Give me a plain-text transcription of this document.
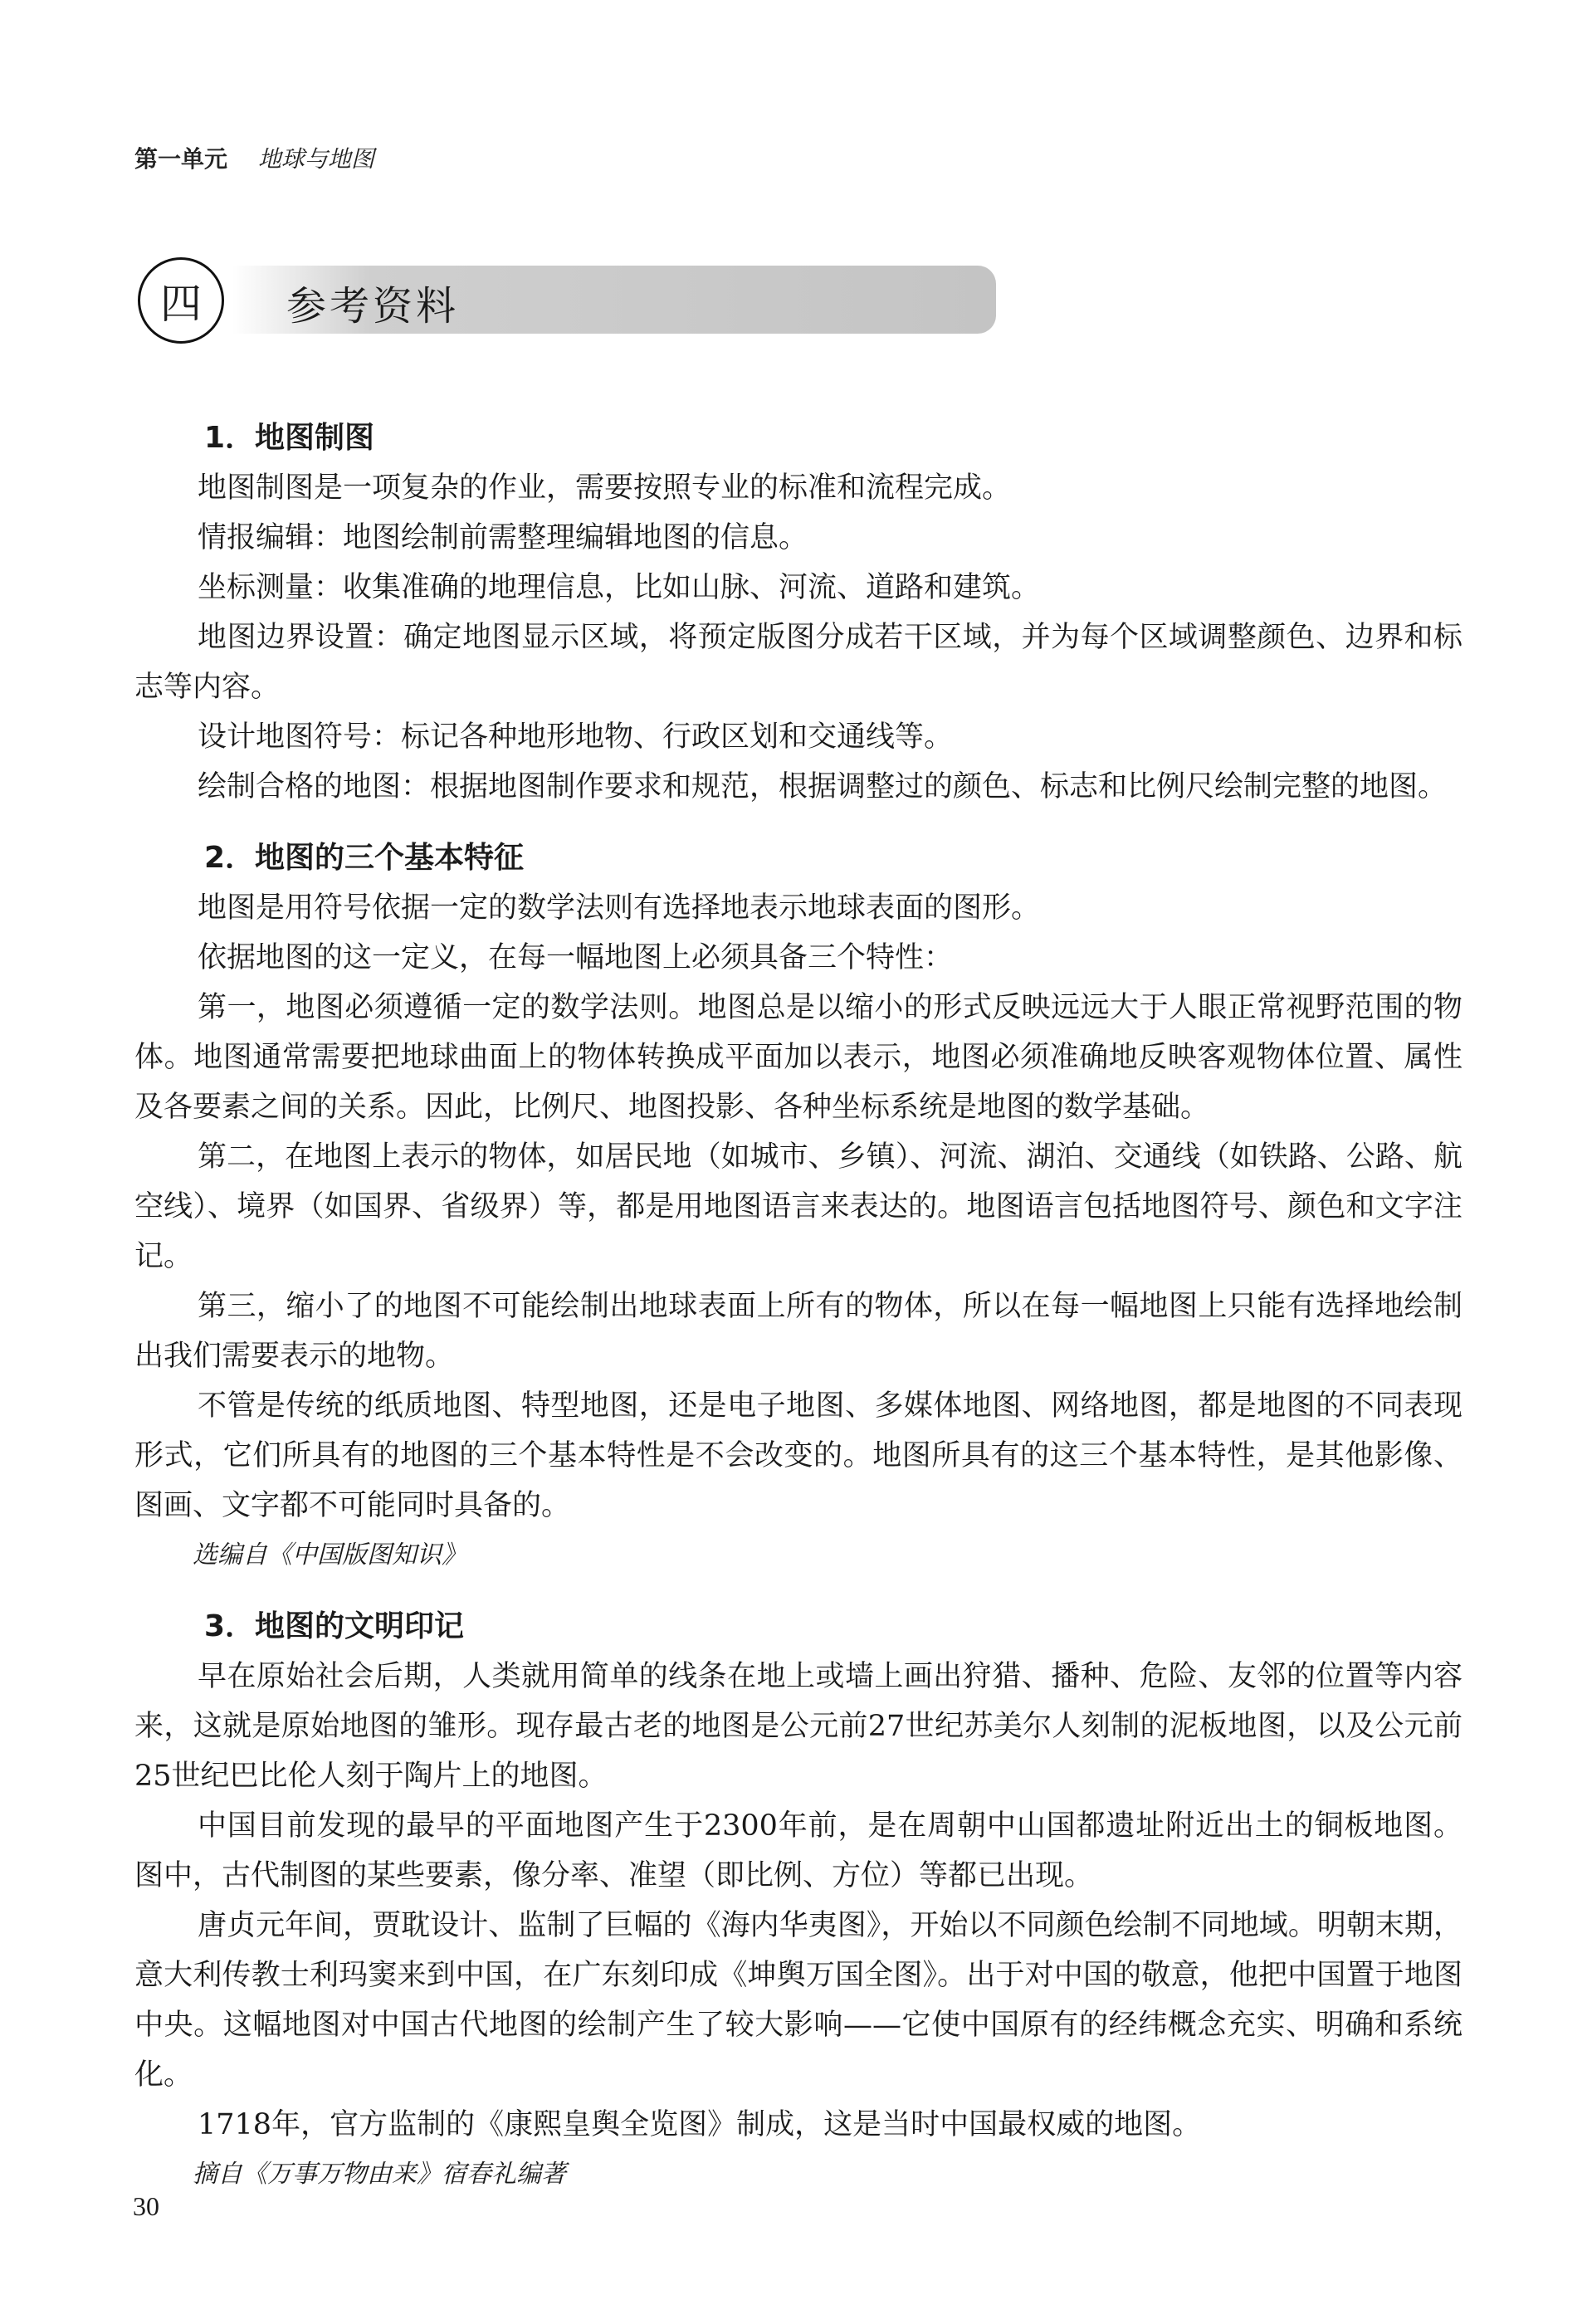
第一单元 地球与地图
四	参考资料
1．地图制图

地图制图是一项复杂的作业，需要按照专业的标准和流程完成。

情报编辑：地图绘制前需整理编辑地图的信息。

坐标测量：收集准确的地理信息，比如山脉、河流、道路和建筑。

地图边界设置：确定地图显示区域，将预定版图分成若干区域，并为每个区域调整颜色、边界和标志等内容。

设计地图符号：标记各种地形地物、行政区划和交通线等。

绘制合格的地图：根据地图制作要求和规范，根据调整过的颜色、标志和比例尺绘制完整的地图。

2．地图的三个基本特征

地图是用符号依据一定的数学法则有选择地表示地球表面的图形。

依据地图的这一定义，在每一幅地图上必须具备三个特性：

第一，地图必须遵循一定的数学法则。地图总是以缩小的形式反映远远大于人眼正常视野范围的物体。地图通常需要把地球曲面上的物体转换成平面加以表示，地图必须准确地反映客观物体位置、属性及各要素之间的关系。因此，比例尺、地图投影、各种坐标系统是地图的数学基础。

第二，在地图上表示的物体，如居民地（如城市、乡镇）、河流、湖泊、交通线（如铁路、公路、航空线）、境界（如国界、省级界）等，都是用地图语言来表达的。地图语言包括地图符号、颜色和文字注记。

第三，缩小了的地图不可能绘制出地球表面上所有的物体，所以在每一幅地图上只能有选择地绘制出我们需要表示的地物。

不管是传统的纸质地图、特型地图，还是电子地图、多媒体地图、网络地图，都是地图的不同表现形式，它们所具有的地图的三个基本特性是不会改变的。地图所具有的这三个基本特性，是其他影像、图画、文字都不可能同时具备的。

选编自《中国版图知识》

3．地图的文明印记

早在原始社会后期，人类就用简单的线条在地上或墙上画出狩猎、播种、危险、友邻的位置等内容来，这就是原始地图的雏形。现存最古老的地图是公元前27世纪苏美尔人刻制的泥板地图，以及公元前25世纪巴比伦人刻于陶片上的地图。

中国目前发现的最早的平面地图产生于2300年前，是在周朝中山国都遗址附近出土的铜板地图。图中，古代制图的某些要素，像分率、准望（即比例、方位）等都已出现。

唐贞元年间，贾耽设计、监制了巨幅的《海内华夷图》，开始以不同颜色绘制不同地域。明朝末期，意大利传教士利玛窦来到中国，在广东刻印成《坤舆万国全图》。出于对中国的敬意，他把中国置于地图中央。这幅地图对中国古代地图的绘制产生了较大影响——它使中国原有的经纬概念充实、明确和系统化。

1718年，官方监制的《康熙皇舆全览图》制成，这是当时中国最权威的地图。

摘自《万事万物由来》宿春礼编著

30
